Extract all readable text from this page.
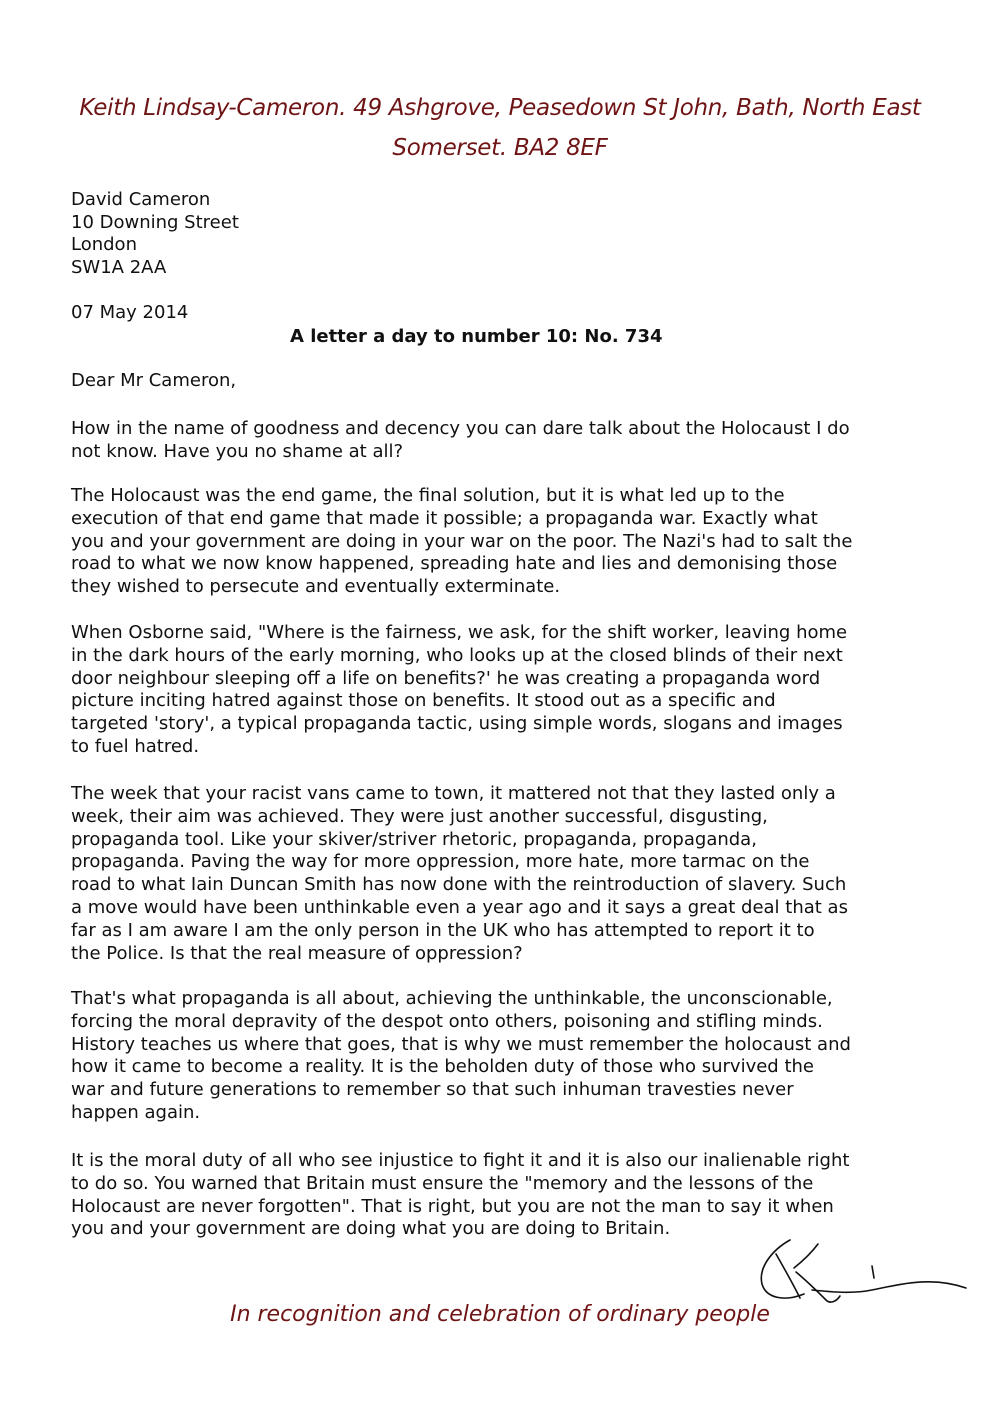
Keith Lindsay-Cameron. 49 Ashgrove, Peasedown St John, Bath, North East
Somerset. BA2 8EF
David Cameron
10 Downing Street
London
SW1A 2AA
07 May 2014
A letter a day to number 10: No. 734
Dear Mr Cameron,
How in the name of goodness and decency you can dare talk about the Holocaust I do
not know. Have you no shame at all?
The Holocaust was the end game, the final solution, but it is what led up to the
execution of that end game that made it possible; a propaganda war. Exactly what
you and your government are doing in your war on the poor. The Nazi's had to salt the
road to what we now know happened, spreading hate and lies and demonising those
they wished to persecute and eventually exterminate.
When Osborne said, "Where is the fairness, we ask, for the shift worker, leaving home
in the dark hours of the early morning, who looks up at the closed blinds of their next
door neighbour sleeping off a life on benefits?' he was creating a propaganda word
picture inciting hatred against those on benefits. It stood out as a specific and
targeted 'story', a typical propaganda tactic, using simple words, slogans and images
to fuel hatred.
The week that your racist vans came to town, it mattered not that they lasted only a
week, their aim was achieved. They were just another successful, disgusting,
propaganda tool. Like your skiver/striver rhetoric, propaganda, propaganda,
propaganda. Paving the way for more oppression, more hate, more tarmac on the
road to what Iain Duncan Smith has now done with the reintroduction of slavery. Such
a move would have been unthinkable even a year ago and it says a great deal that as
far as I am aware I am the only person in the UK who has attempted to report it to
the Police. Is that the real measure of oppression?
That's what propaganda is all about, achieving the unthinkable, the unconscionable,
forcing the moral depravity of the despot onto others, poisoning and stifling minds.
History teaches us where that goes, that is why we must remember the holocaust and
how it came to become a reality. It is the beholden duty of those who survived the
war and future generations to remember so that such inhuman travesties never
happen again.
It is the moral duty of all who see injustice to fight it and it is also our inalienable right
to do so. You warned that Britain must ensure the "memory and the lessons of the
Holocaust are never forgotten". That is right, but you are not the man to say it when
you and your government are doing what you are doing to Britain.
In recognition and celebration of ordinary people
